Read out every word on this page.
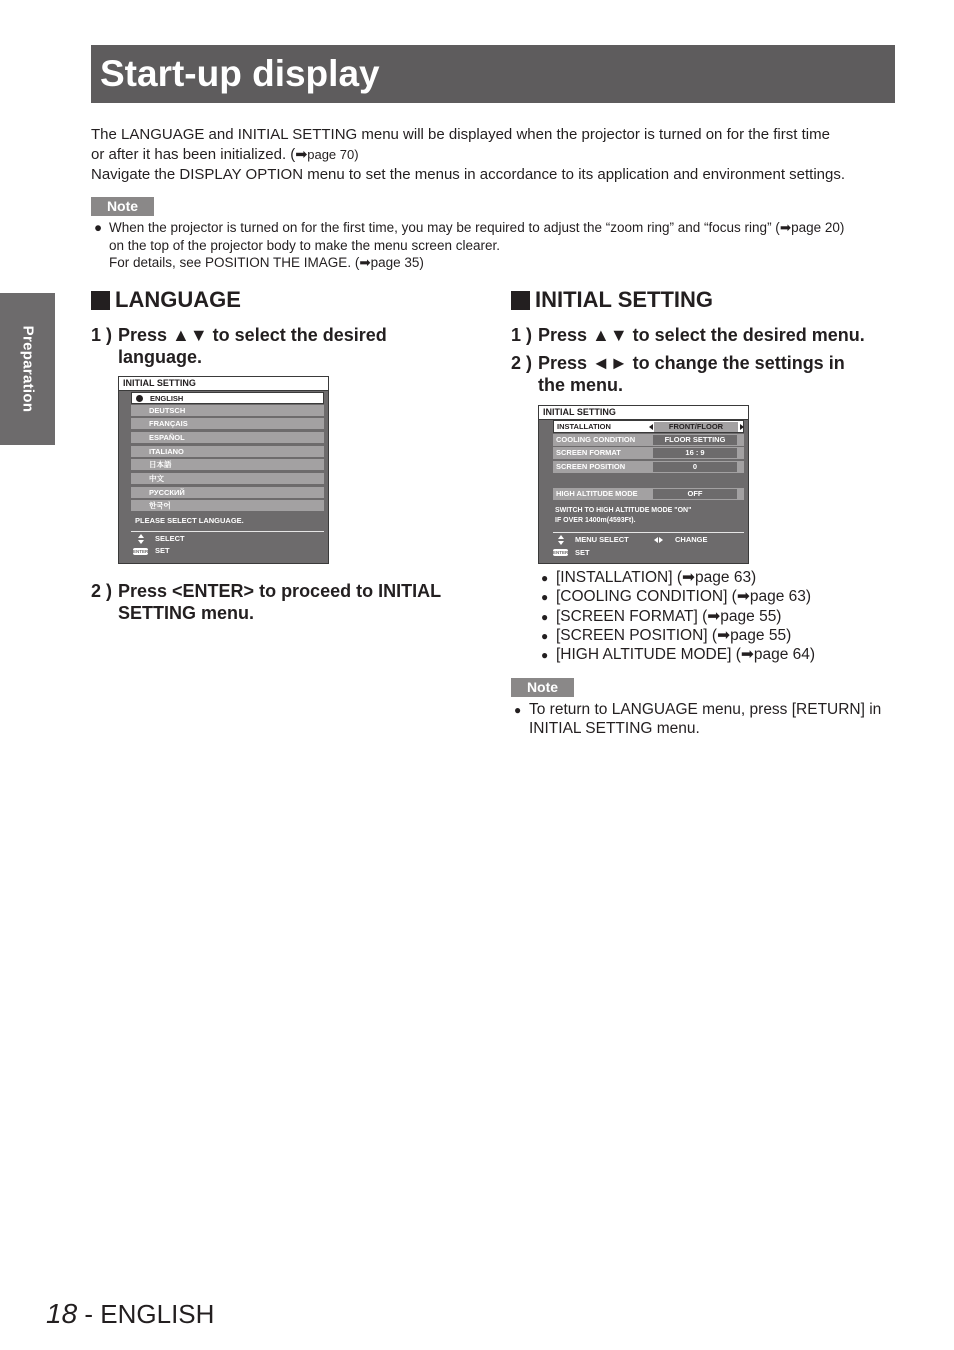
Start-up display
Preparation

The LANGUAGE and INITIAL SETTING menu will be displayed when the projector is turned on for the first time

or after it has been initialized. (➡page 70)

Navigate the DISPLAY OPTION menu to set the menus in accordance to its application and environment settings.

Note
● When the projector is turned on for the first time, you may be required to adjust the “zoom ring” and “focus ring” (➡page 20)
on the top of the projector body to make the menu screen clearer.
For details, see POSITION THE IMAGE. (➡page 35)
LANGUAGE
1 ) Press ▲▼ to select the desired
language.
INITIAL SETTING
ENGLISH
DEUTSCH
FRANÇAIS
ESPAÑOL
ITALIANO
日本語
中文
РУССКИЙ
한국어
PLEASE SELECT LANGUAGE.
SELECT
ENTER SET
2 ) Press <ENTER> to proceed to INITIAL
SETTING menu.
INITIAL SETTING
1 ) Press ▲▼ to select the desired menu.
2 ) Press ◄► to change the settings in
the menu.
INITIAL SETTING
INSTALLATION	FRONT/FLOOR
COOLING CONDITION	FLOOR SETTING
SCREEN FORMAT	16 : 9
SCREEN POSITION	0
HIGH ALTITUDE MODE	OFF
SWITCH TO HIGH ALTITUDE MODE "ON"
IF OVER 1400m(4593Ft).
MENU SELECT	CHANGE
ENTER SET
● [INSTALLATION] (➡page 63)
● [COOLING CONDITION] (➡page 63)
● [SCREEN FORMAT] (➡page 55)
● [SCREEN POSITION] (➡page 55)
● [HIGH ALTITUDE MODE] (➡page 64)
Note
● To return to LANGUAGE menu, press [RETURN] in
INITIAL SETTING menu.
18 - ENGLISH
